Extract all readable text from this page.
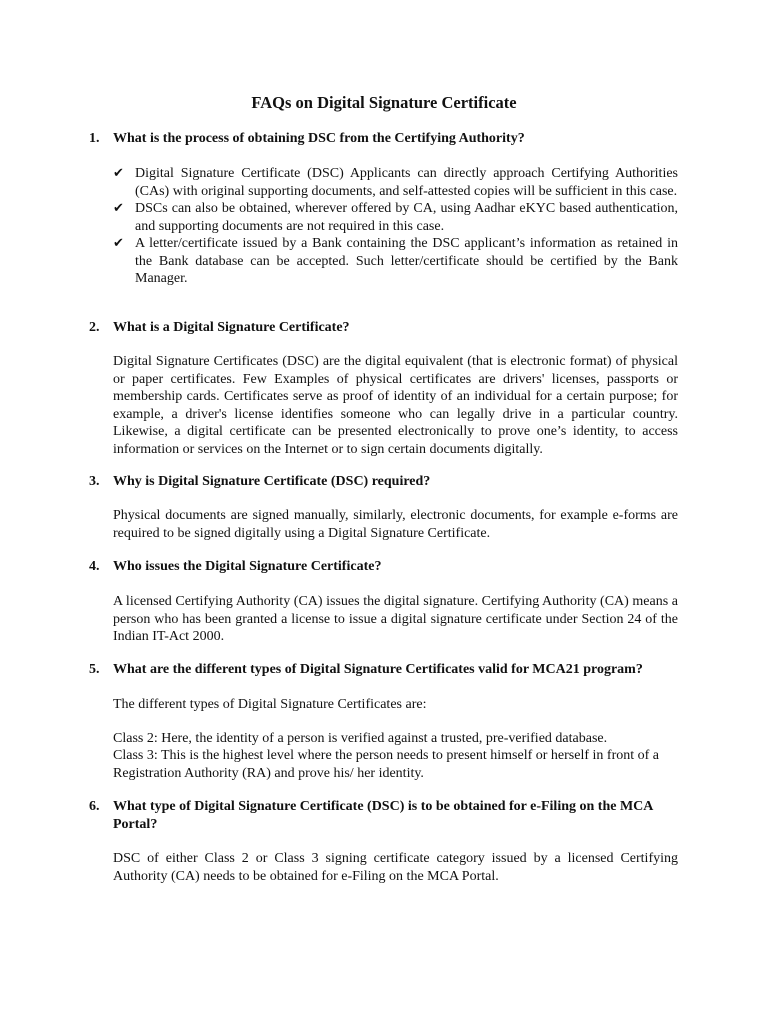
FAQs on Digital Signature Certificate
1. What is the process of obtaining DSC from the Certifying Authority?
✔ Digital Signature Certificate (DSC) Applicants can directly approach Certifying Authorities (CAs) with original supporting documents, and self-attested copies will be sufficient in this case.
✔ DSCs can also be obtained, wherever offered by CA, using Aadhar eKYC based authentication, and supporting documents are not required in this case.
✔ A letter/certificate issued by a Bank containing the DSC applicant’s information as retained in the Bank database can be accepted. Such letter/certificate should be certified by the Bank Manager.
2. What is a Digital Signature Certificate?
Digital Signature Certificates (DSC) are the digital equivalent (that is electronic format) of physical or paper certificates. Few Examples of physical certificates are drivers' licenses, passports or membership cards. Certificates serve as proof of identity of an individual for a certain purpose; for example, a driver's license identifies someone who can legally drive in a particular country. Likewise, a digital certificate can be presented electronically to prove one’s identity, to access information or services on the Internet or to sign certain documents digitally.
3. Why is Digital Signature Certificate (DSC) required?
Physical documents are signed manually, similarly, electronic documents, for example e-forms are required to be signed digitally using a Digital Signature Certificate.
4. Who issues the Digital Signature Certificate?
A licensed Certifying Authority (CA) issues the digital signature. Certifying Authority (CA) means a person who has been granted a license to issue a digital signature certificate under Section 24 of the Indian IT-Act 2000.
5. What are the different types of Digital Signature Certificates valid for MCA21 program?
The different types of Digital Signature Certificates are:
Class 2: Here, the identity of a person is verified against a trusted, pre-verified database.
Class 3: This is the highest level where the person needs to present himself or herself in front of a Registration Authority (RA) and prove his/ her identity.
6. What type of Digital Signature Certificate (DSC) is to be obtained for e-Filing on the MCA Portal?
DSC of either Class 2 or Class 3 signing certificate category issued by a licensed Certifying Authority (CA) needs to be obtained for e-Filing on the MCA Portal.
